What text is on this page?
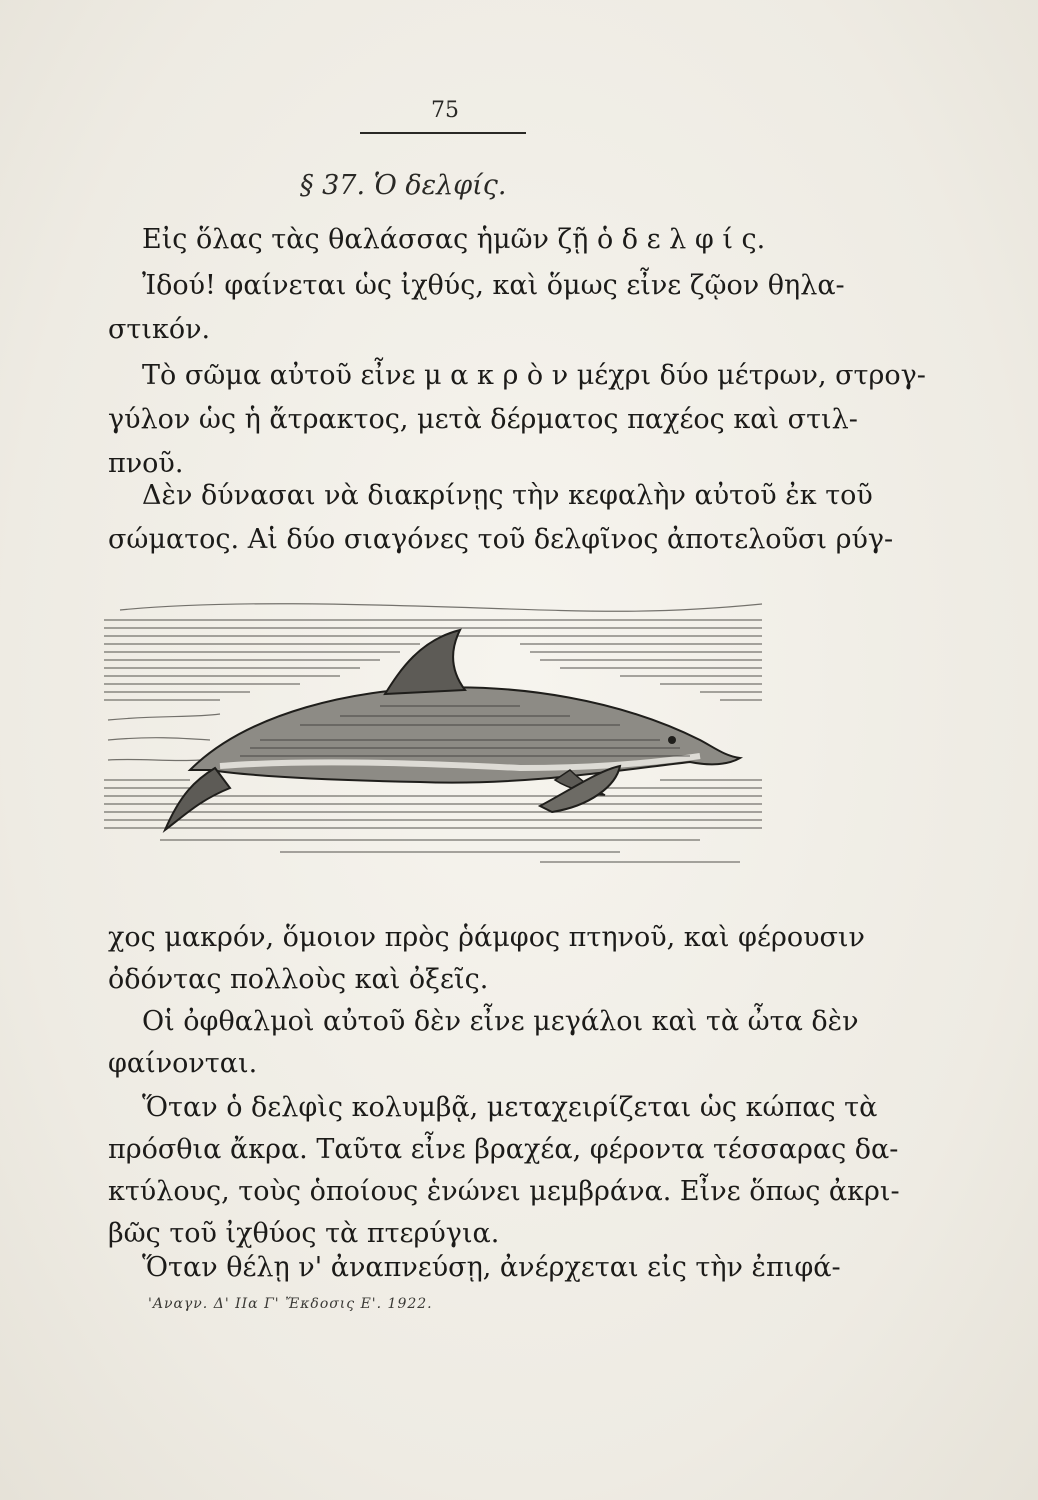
75
§ 37. Ὁ δελφίς.
Εἰς ὅλας τὰς θαλάσσας ἡμῶν ζῇ ὁ δ ε λ φ ί ς.
Ἰδού! φαίνεται ὡς ἰχθύς, καὶ ὅμως εἶνε ζῷον θηλα-
στικόν.
Τὸ σῶμα αὐτοῦ εἶνε μ α κ ρ ὸ ν μέχρι δύο μέτρων, στρογ-
γύλον ὡς ἡ ἄτρακτος, μετὰ δέρματος παχέος καὶ στιλ-
πνοῦ.
Δὲν δύνασαι νὰ διακρίνῃς τὴν κεφαλὴν αὐτοῦ ἐκ τοῦ
σώματος. Αἱ δύο σιαγόνες τοῦ δελφῖνος ἀποτελοῦσι ρύγ-
χος μακρόν, ὅμοιον πρὸς ῥάμφος πτηνοῦ, καὶ φέρουσιν
ὀδόντας πολλοὺς καὶ ὀξεῖς.
Οἱ ὀφθαλμοὶ αὐτοῦ δὲν εἶνε μεγάλοι καὶ τὰ ὦτα δὲν
φαίνονται.
Ὅταν ὁ δελφὶς κολυμβᾷ, μεταχειρίζεται ὡς κώπας τὰ
πρόσθια ἄκρα. Ταῦτα εἶνε βραχέα, φέροντα τέσσαρας δα-
κτύλους, τοὺς ὁποίους ἑνώνει μεμβράνα. Εἶνε ὅπως ἀκρι-
βῶς τοῦ ἰχθύος τὰ πτερύγια.
Ὅταν θέλῃ ν' ἀναπνεύσῃ, ἀνέρχεται εἰς τὴν ἐπιφά-
'Αναγν. Δ' ΙΙα Γ' Ἔκδοσις Ε'. 1922.
